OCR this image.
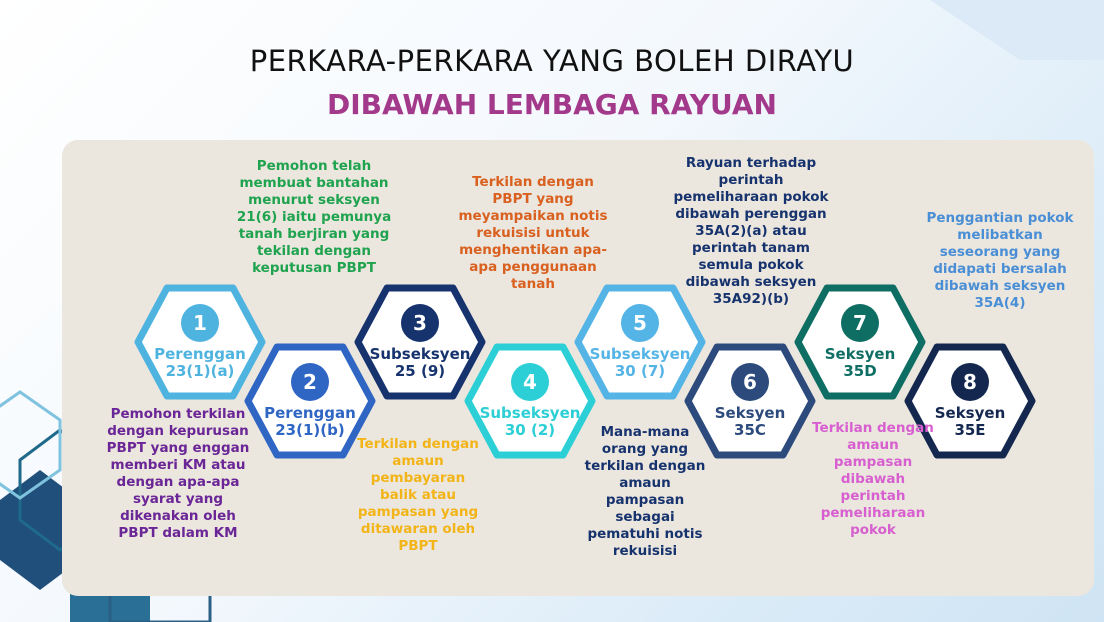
PERKARA-PERKARA YANG BOLEH DIRAYU
DIBAWAH LEMBAGA RAYUAN
1
Perenggan
23(1)(a)	2
Perenggan
23(1)(b)
3
Subseksyen
25 (9)	4
Subseksyen
30 (2)
5
Subseksyen
30 (7)	6
Seksyen
35C
7
Seksyen
35D	8
Seksyen
35E
Pemohon terkilan dengan kepurusan PBPT yang enggan memberi KM atau dengan apa-apa syarat yang dikenakan oleh PBPT dalam KM
Pemohon telah membuat bantahan menurut seksyen 21(6) iaitu pemunya tanah berjiran yang tekilan dengan keputusan PBPT
Terkilan dengan amaun pembayaran balik atau pampasan yang ditawaran oleh PBPT
Terkilan dengan PBPT yang meyampaikan notis rekuisisi untuk menghentikan apa-apa penggunaan tanah
Mana-mana orang yang terkilan dengan amaun pampasan sebagai pematuhi notis rekuisisi
Rayuan terhadap perintah pemeliharaan pokok dibawah perenggan 35A(2)(a) atau perintah tanam semula pokok dibawah seksyen 35A92)(b)
Penggantian pokok melibatkan seseorang yang didapati bersalah dibawah seksyen 35A(4)
Terkilan dengan amaun pampasan dibawah perintah pemeliharaan pokok
